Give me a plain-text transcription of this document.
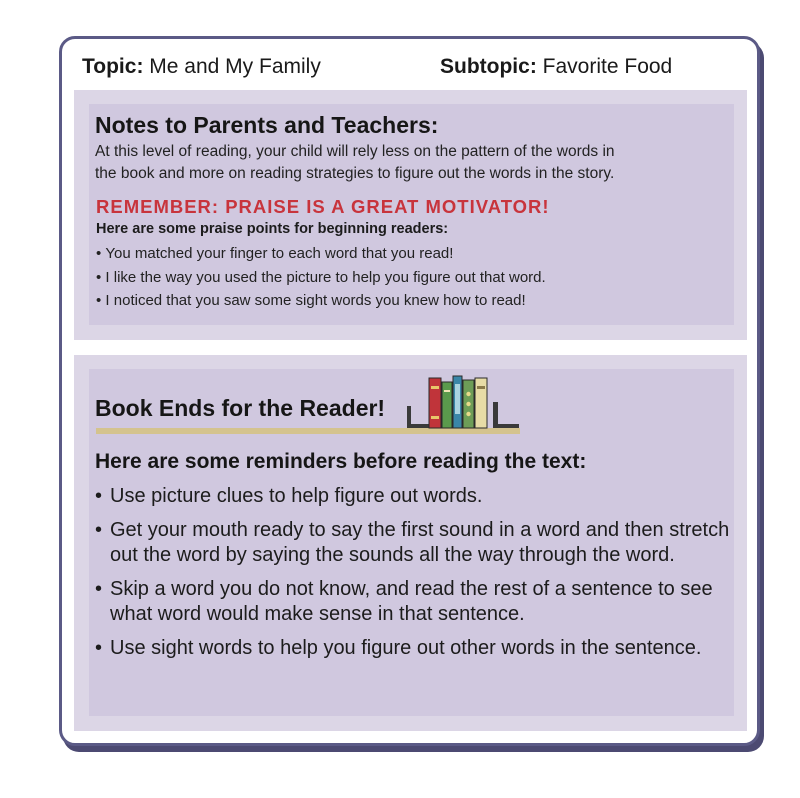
Topic: Me and My Family	Subtopic: Favorite Food
Notes to Parents and Teachers:
At this level of reading, your child will rely less on the pattern of the words in
the book and more on reading strategies to figure out the words in the story.
REMEMBER: PRAISE IS A GREAT MOTIVATOR!
Here are some praise points for beginning readers:
• You matched your finger to each word that you read!
• I like the way you used the picture to help you figure out that word.
• I noticed that you saw some sight words you knew how to read!
Book Ends for the Reader!
Here are some reminders before reading the text:
• Use picture clues to help figure out words.
• Get your mouth ready to say the first sound in a word and then stretch out the word by saying the sounds all the way through the word.
• Skip a word you do not know, and read the rest of a sentence to see what word would make sense in that sentence.
• Use sight words to help you figure out other words in the sentence.
